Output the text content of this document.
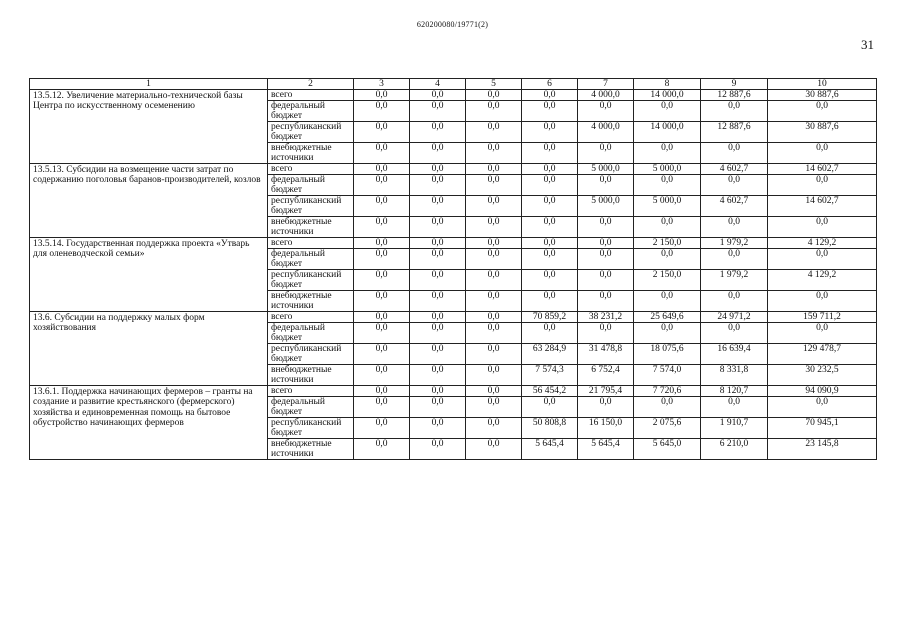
620200080/19771(2)
31
1	2	3	4	5	6	7	8	9	10
13.5.12. Увеличение материально-технической базы Центра по искусственному осеменению	всего	0,0	0,0	0,0	0,0	4 000,0	14 000,0	12 887,6	30 887,6
	федеральный бюджет	0,0	0,0	0,0	0,0	0,0	0,0	0,0	0,0
	республиканский бюджет	0,0	0,0	0,0	0,0	4 000,0	14 000,0	12 887,6	30 887,6
	внебюджетные источники	0,0	0,0	0,0	0,0	0,0	0,0	0,0	0,0
13.5.13. Субсидии на возмещение части затрат по содержанию поголовья баранов-производителей, козлов	всего	0,0	0,0	0,0	0,0	5 000,0	5 000,0	4 602,7	14 602,7
	федеральный бюджет	0,0	0,0	0,0	0,0	0,0	0,0	0,0	0,0
	республиканский бюджет	0,0	0,0	0,0	0,0	5 000,0	5 000,0	4 602,7	14 602,7
	внебюджетные источники	0,0	0,0	0,0	0,0	0,0	0,0	0,0	0,0
13.5.14. Государственная поддержка проекта «Утварь для оленеводческой семьи»	всего	0,0	0,0	0,0	0,0	0,0	2 150,0	1 979,2	4 129,2
	федеральный бюджет	0,0	0,0	0,0	0,0	0,0	0,0	0,0	0,0
	республиканский бюджет	0,0	0,0	0,0	0,0	0,0	2 150,0	1 979,2	4 129,2
	внебюджетные источники	0,0	0,0	0,0	0,0	0,0	0,0	0,0	0,0
13.6. Субсидии на поддержку малых форм хозяйствования	всего	0,0	0,0	0,0	70 859,2	38 231,2	25 649,6	24 971,2	159 711,2
	федеральный бюджет	0,0	0,0	0,0	0,0	0,0	0,0	0,0	0,0
	республиканский бюджет	0,0	0,0	0,0	63 284,9	31 478,8	18 075,6	16 639,4	129 478,7
	внебюджетные источники	0,0	0,0	0,0	7 574,3	6 752,4	7 574,0	8 331,8	30 232,5
13.6.1. Поддержка начинающих фермеров – гранты на создание и развитие крестьянского (фермерского) хозяйства и единовременная помощь на бытовое обустройство начинающих фермеров	всего	0,0	0,0	0,0	56 454,2	21 795,4	7 720,6	8 120,7	94 090,9
	федеральный бюджет	0,0	0,0	0,0	0,0	0,0	0,0	0,0	0,0
	республиканский бюджет	0,0	0,0	0,0	50 808,8	16 150,0	2 075,6	1 910,7	70 945,1
	внебюджетные источники	0,0	0,0	0,0	5 645,4	5 645,4	5 645,0	6 210,0	23 145,8
